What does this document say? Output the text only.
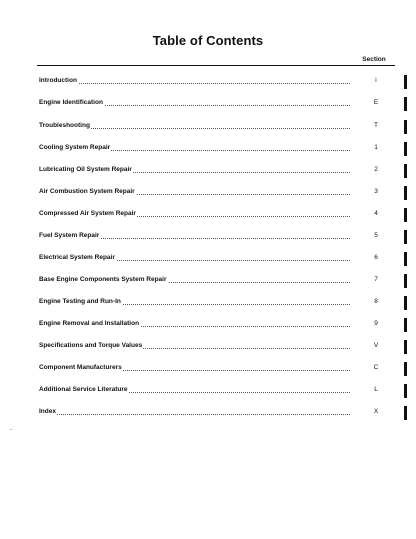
Table of Contents
Section
Introduction	i
Engine Identification	E
Troubleshooting	T
Cooling System Repair	1
Lubricating Oil System Repair	2
Air Combustion System Repair	3
Compressed Air System Repair	4
Fuel System Repair	5
Electrical System Repair	6
Base Engine Components System Repair	7
Engine Testing and Run-In	8
Engine Removal and Installation	9
Specifications and Torque Values	V
Component Manufacturers	C
Additional Service Literature	L
Index	X
